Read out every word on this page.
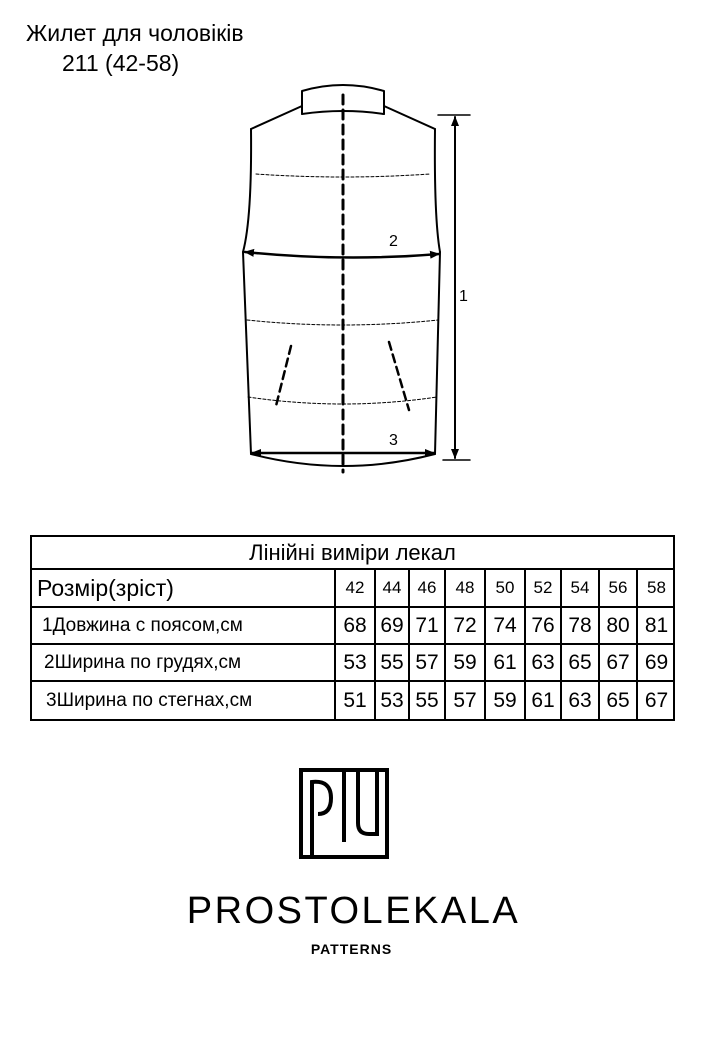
Жилет для чоловіків
211 (42-58)
1
2
3
Лінійні виміри лекал
Розмір(зріст)	42	44 46	48	50	52	54	56	58
1Довжина с поясом,см	68 69 71 72 74 76 78 80 81
2Ширина по грудях,см	53 55 57 59 61 63 65 67 69
3Ширина по стегнах,см	51 53 55 57 59 61 63 65 67
PROSTOLEKALA
PATTERNS
